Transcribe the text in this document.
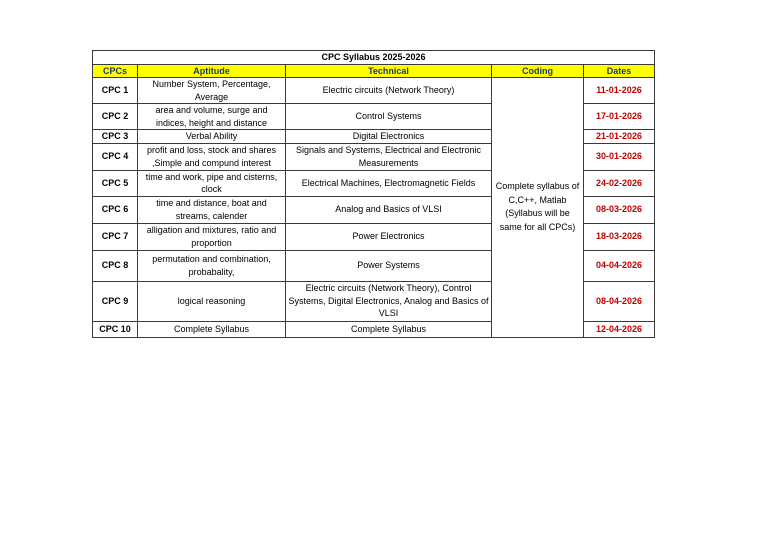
CPC Syllabus 2025-2026				
CPCs	Aptitude	Technical	Coding	Dates
CPC 1	Number System, Percentage, Average	Electric circuits (Network Theory)	Complete syllabus of C,C++, Matlab (Syllabus will be same for all CPCs)	11-01-2026
CPC 2	area and volume, surge and indices, height and distance	Control Systems		17-01-2026
CPC 3	Verbal Ability	Digital Electronics		21-01-2026
CPC 4	profit and loss, stock and shares ,Simple and compund interest	Signals and Systems, Electrical and Electronic Measurements		30-01-2026
CPC 5	time and work, pipe and cisterns, clock	Electrical Machines, Electromagnetic Fields		24-02-2026
CPC 6	time and distance, boat and streams, calender	Analog and Basics of VLSI		08-03-2026
CPC 7	alligation and mixtures, ratio and proportion	Power Electronics		18-03-2026
CPC 8	permutation and combination, probabality,	Power Systems		04-04-2026
CPC 9	logical reasoning	Electric circuits (Network Theory), Control Systems, Digital Electronics, Analog and Basics of VLSI		08-04-2026
CPC 10	Complete Syllabus	Complete Syllabus		12-04-2026
